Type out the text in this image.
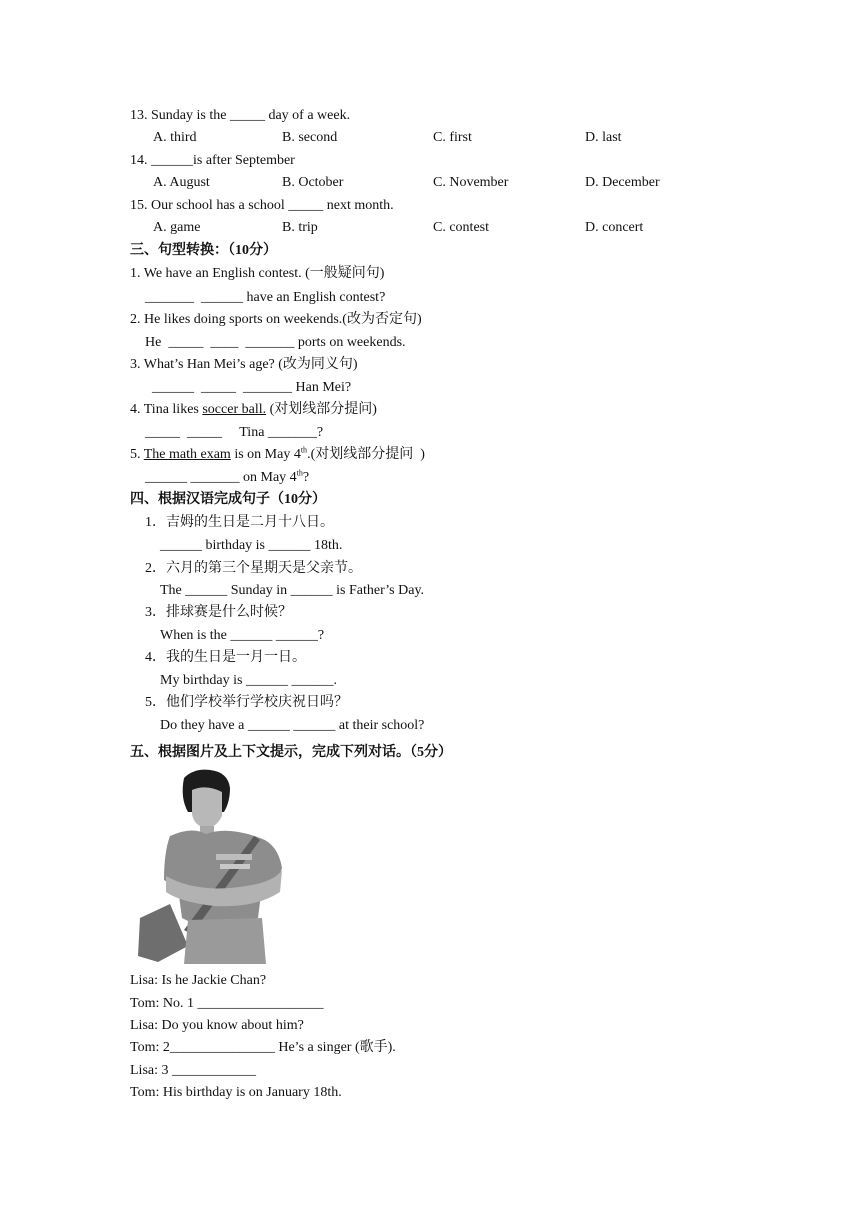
13. Sunday is the _____ day of a week.
A. third	B. second	C. first	D. last
14. ______is after September
A. August	B. October	C. November	D. December
15. Our school has a school _____ next month.
A. game	B. trip	C. contest	D. concert
三、句型转换：（10分）
1. We have an English contest. (一般疑问句)
_______  ______ have an English contest?
2. He likes doing sports on weekends.(改为否定句)
He  _____  ____  _______ ports on weekends.
3. What’s Han Mei’s age? (改为同义句)
______  _____  _______ Han Mei?
4. Tina likes soccer ball. (对划线部分提问)
_____  _____     Tina _______?
5. The math exam is on May 4th.(对划线部分提问  )
______ _______ on May 4th?
四、根据汉语完成句子（10分）
1．吉姆的生日是二月十八日。
______ birthday is ______ 18th.
2．六月的第三个星期天是父亲节。
The ______ Sunday in ______ is Father’s Day.
3．排球赛是什么时候？
When is the ______ ______?
4．我的生日是一月一日。
My birthday is ______ ______.
5．他们学校举行学校庆祝日吗？
Do they have a ______ ______ at their school?
五、根据图片及上下文提示，完成下列对话。（5分）
Lisa: Is he Jackie Chan?
Tom: No. 1 __________________
Lisa: Do you know about him?
Tom: 2_______________ He’s a singer (歌手).
Lisa: 3 ____________
Tom: His birthday is on January 18th.
